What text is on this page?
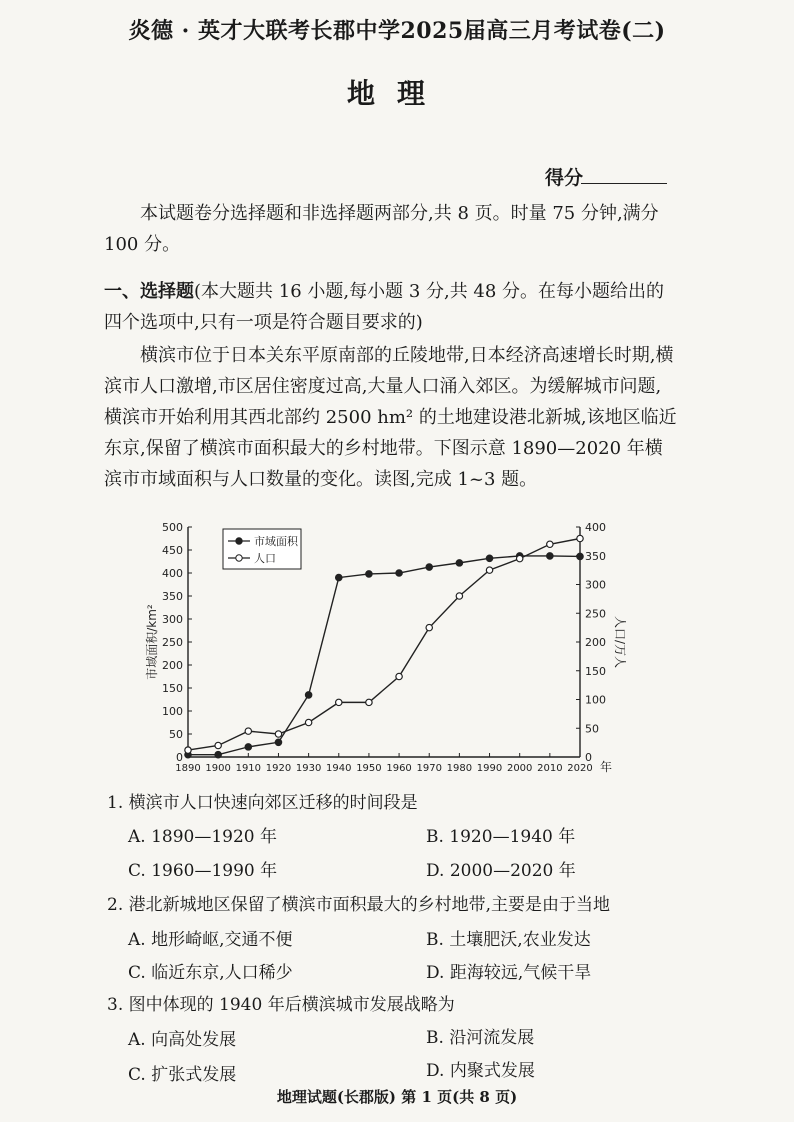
炎德 · 英才大联考长郡中学2025届高三月考试卷(二)
地理
得分
本试题卷分选择题和非选择题两部分,共 8 页。时量 75 分钟,满分 100 分。
一、选择题(本大题共 16 小题,每小题 3 分,共 48 分。在每小题给出的四个选项中,只有一项是符合题目要求的)
横滨市位于日本关东平原南部的丘陵地带,日本经济高速增长时期,横滨市人口激增,市区居住密度过高,大量人口涌入郊区。为缓解城市问题,横滨市开始利用其西北部约 2500 hm² 的土地建设港北新城,该地区临近东京,保留了横滨市面积最大的乡村地带。下图示意 1890—2020 年横滨市市域面积与人口数量的变化。读图,完成 1~3 题。
0
50
100
150
200
250
300
350
400
450
500
0
50
100
150
200
250
300
350
400
1890 1900 1910 1920 1930 1940 1950 1960 1970 1980 1990 2000 2010 2020 年
市域面积/km²	人口/万人
市域面积
人口
1. 横滨市人口快速向郊区迁移的时间段是
A. 1890—1920 年	B. 1920—1940 年
C. 1960—1990 年	D. 2000—2020 年
2. 港北新城地区保留了横滨市面积最大的乡村地带,主要是由于当地
A. 地形崎岖,交通不便	B. 土壤肥沃,农业发达
C. 临近东京,人口稀少	D. 距海较远,气候干旱
3. 图中体现的 1940 年后横滨城市发展战略为
A. 向高处发展	B. 沿河流发展
C. 扩张式发展	D. 内聚式发展
地理试题(长郡版) 第 1 页(共 8 页)
